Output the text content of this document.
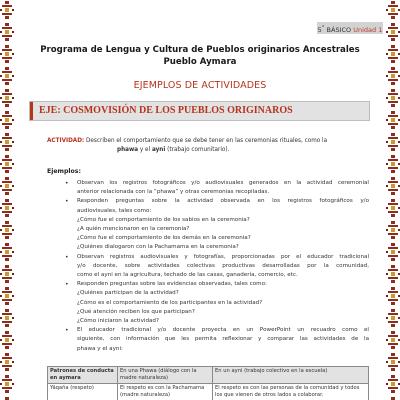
5° BÁSICO Unidad 1
Programa de Lengua y Cultura de Pueblos originarios Ancestrales
Pueblo Aymara
EJEMPLOS DE ACTIVIDADES
EJE: COSMOVISIÓN DE LOS PUEBLOS ORIGINAROS
ACTIVIDAD: Describen el comportamiento que se debe tener en las ceremonias rituales, como la
phawa y el ayni (trabajo comunitario).
Ejemplos:
• Observan los registros fotográficos y/o audiovisuales generados en la actividad ceremonial
anterior relacionada con la “phawa” y otras ceremonias recopiladas.
• Responden preguntas sobre la actividad observada en los registros fotográficos y/o
audiovisuales, tales como:
¿Cómo fue el comportamiento de los sabios en la ceremonia?
¿A quién mencionaron en la ceremonia?
¿Cómo fue el comportamiento de los demás en la ceremonia?
¿Quiénes dialogaron con la Pachamama en la ceremonia?
• Observan registros audiovisuales y fotografías, proporcionadas por el educador tradicional
y/o docente, sobre actividades colectivas productivas desarrolladas por la comunidad,
como el ayni en la agricultura, techado de las casas, ganadería, comercio, etc.
• Responden preguntas sobre las evidencias observadas, tales como:
¿Quiénes participan de la actividad?
¿Cómo es el comportamiento de los participantes en la actividad?
¿Qué atención reciben los que participan?
¿Cómo iniciaron la actividad?
• El educador tradicional y/o docente proyecta en un PowerPoint un recuadro como el
siguiente, con información que les permita reflexionar y comparar las actividades de la
phawa y el ayni:
Patrones de conducta en aymara	En una Phawa (diálogo con la madre naturaleza)	En un ayni (trabajo colectivo en la escuela)
Yäqaña (respeto)	El respeto es con la Pachamama (madre naturaleza)	El respeto es con las personas de la comunidad y todos los que vienen de otros lados a colaborar.
